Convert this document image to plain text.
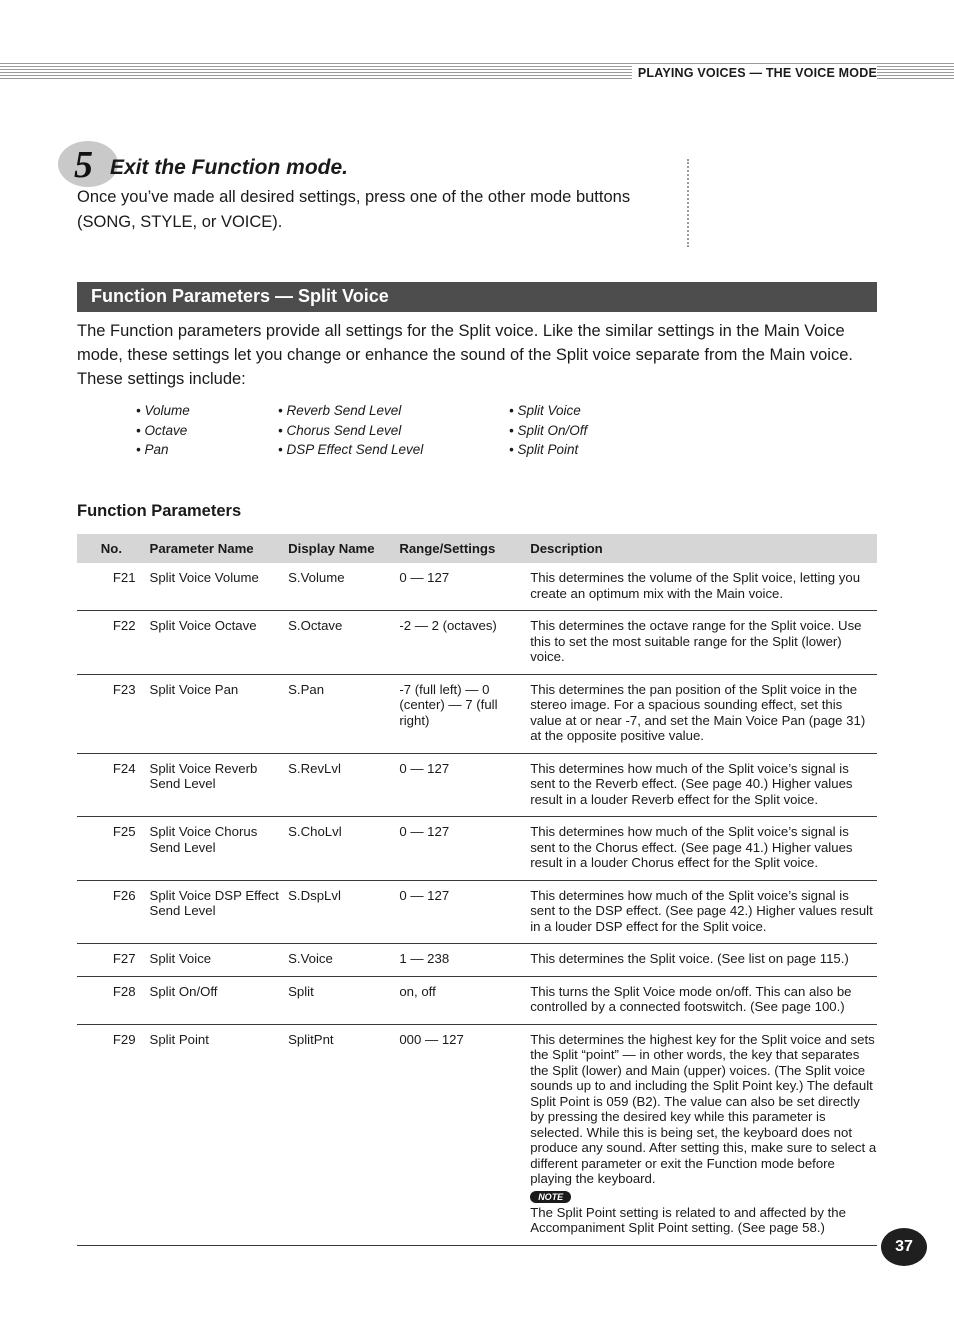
PLAYING VOICES — THE VOICE MODE
5 Exit the Function mode.
Once you’ve made all desired settings, press one of the other mode buttons (SONG, STYLE, or VOICE).
Function Parameters — Split Voice
The Function parameters provide all settings for the Split voice. Like the similar settings in the Main Voice mode, these settings let you change or enhance the sound of the Split voice separate from the Main voice. These settings include:
• Volume
• Octave
• Pan
• Reverb Send Level
• Chorus Send Level
• DSP Effect Send Level
• Split Voice
• Split On/Off
• Split Point
Function Parameters
No.	Parameter Name	Display Name	Range/Settings	Description
F21	Split Voice Volume	S.Volume	0 — 127	This determines the volume of the Split voice, letting you create an optimum mix with the Main voice.

F22	Split Voice Octave	S.Octave	-2 — 2 (octaves)	This determines the octave range for the Split voice. Use this to set the most suitable range for the Split (lower) voice.

F23	Split Voice Pan	S.Pan	-7 (full left) — 0 (center) — 7 (full right)	This determines the pan position of the Split voice in the stereo image. For a spacious sounding effect, set this value at or near -7, and set the Main Voice Pan (page 31) at the opposite positive value.

F24	Split Voice Reverb Send Level	S.RevLvl	0 — 127	This determines how much of the Split voice’s signal is sent to the Reverb effect. (See page 40.) Higher values result in a louder Reverb effect for the Split voice.

F25	Split Voice Chorus Send Level	S.ChoLvl	0 — 127	This determines how much of the Split voice’s signal is sent to the Chorus effect. (See page 41.) Higher values result in a louder Chorus effect for the Split voice.

F26	Split Voice DSP Effect Send Level	S.DspLvl	0 — 127	This determines how much of the Split voice’s signal is sent to the DSP effect. (See page 42.) Higher values result in a louder DSP effect for the Split voice.

F27	Split Voice	S.Voice	1 — 238	This determines the Split voice. (See list on page 115.)

F28	Split On/Off	Split	on, off	This turns the Split Voice mode on/off. This can also be controlled by a connected footswitch. (See page 100.)

F29	Split Point	SplitPnt	000 — 127	This determines the highest key for the Split voice and sets the Split “point” — in other words, the key that separates the Split (lower) and Main (upper) voices. (The Split voice sounds up to and including the Split Point key.) The default Split Point is 059 (B2). The value can also be set directly by pressing the desired key while this parameter is selected. While this is being set, the keyboard does not produce any sound. After setting this, make sure to select a different parameter or exit the Function mode before playing the keyboard.
NOTE
The Split Point setting is related to and affected by the Accompaniment Split Point setting. (See page 58.)
37
